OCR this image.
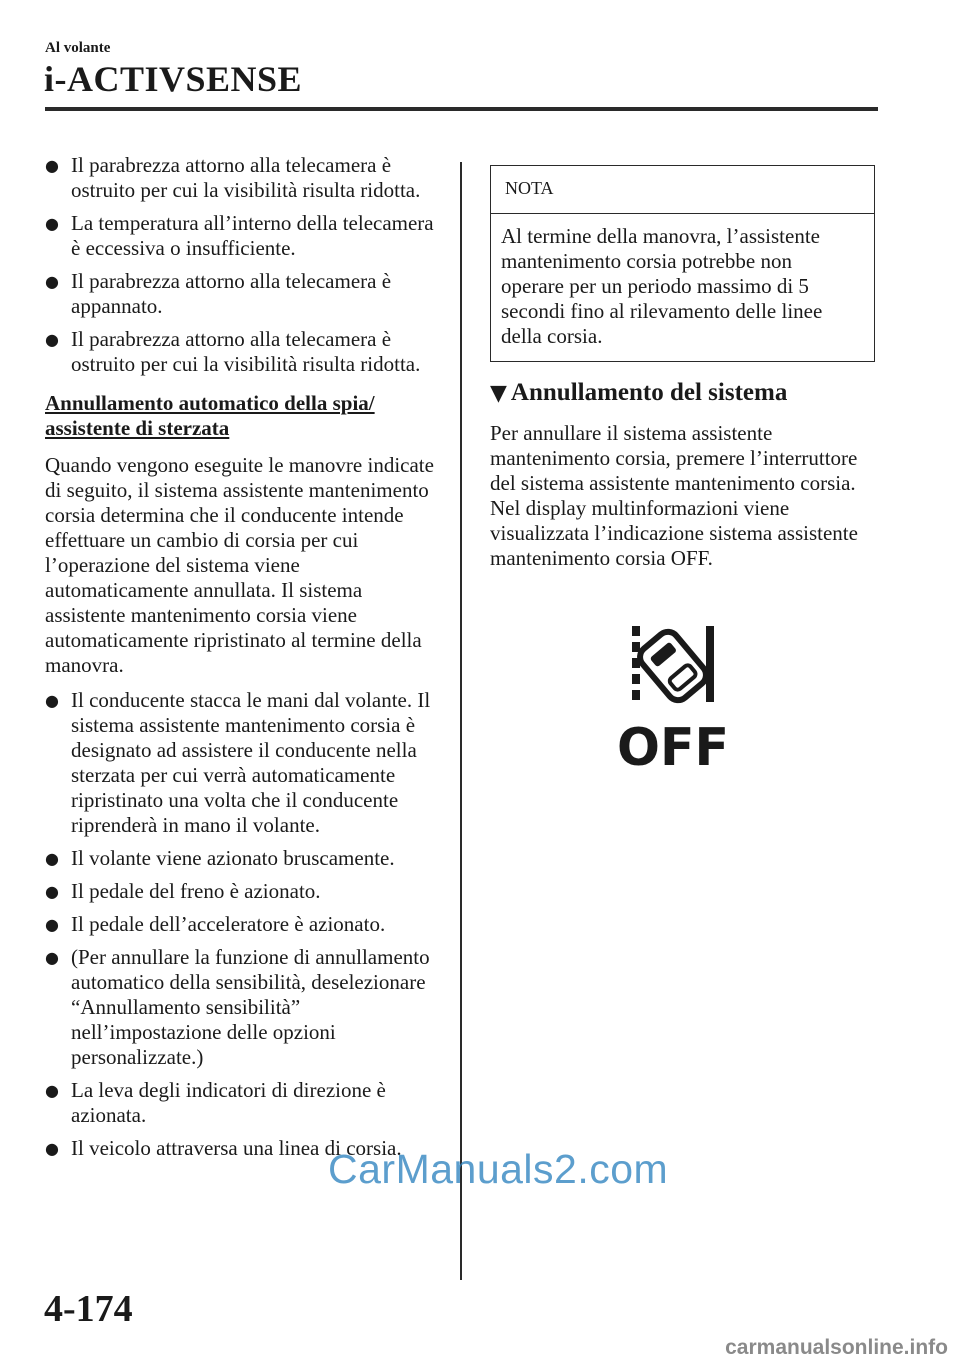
Al volante
i-ACTIVSENSE
● Il parabrezza attorno alla telecamera è ostruito per cui la visibilità risulta ridotta.
● La temperatura all’interno della telecamera è eccessiva o insufficiente.
● Il parabrezza attorno alla telecamera è appannato.
● Il parabrezza attorno alla telecamera è ostruito per cui la visibilità risulta ridotta.
Annullamento automatico della spia/
assistente di sterzata
Quando vengono eseguite le manovre indicate di seguito, il sistema assistente mantenimento corsia determina che il conducente intende effettuare un cambio di corsia per cui l’operazione del sistema viene automaticamente annullata. Il sistema assistente mantenimento corsia viene automaticamente ripristinato al termine della manovra.
● Il conducente stacca le mani dal volante. Il sistema assistente mantenimento corsia è designato ad assistere il conducente nella sterzata per cui verrà automaticamente ripristinato una volta che il conducente riprenderà in mano il volante.
● Il volante viene azionato bruscamente.
● Il pedale del freno è azionato.
● Il pedale dell’acceleratore è azionato.
● (Per annullare la funzione di annullamento automatico della sensibilità, deselezionare “Annullamento sensibilità” nell’impostazione delle opzioni personalizzate.)
● La leva degli indicatori di direzione è azionata.
● Il veicolo attraversa una linea di corsia.
NOTA
Al termine della manovra, l’assistente mantenimento corsia potrebbe non operare per un periodo massimo di 5 secondi fino al rilevamento delle linee della corsia.
▼ Annullamento del sistema
Per annullare il sistema assistente mantenimento corsia, premere l’interruttore del sistema assistente mantenimento corsia.
Nel display multinformazioni viene visualizzata l’indicazione sistema assistente mantenimento corsia OFF.
OFF
CarManuals2.com
4-174
carmanualsonline.info
